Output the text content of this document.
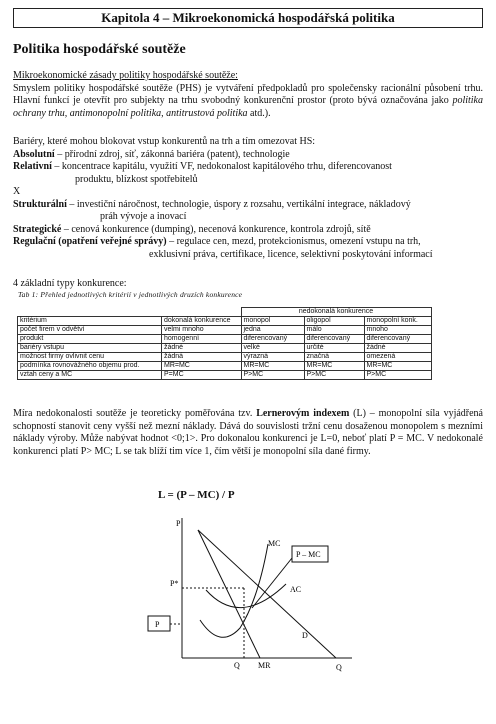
Kapitola 4 – Mikroekonomická hospodářská politika
Politika hospodářské soutěže
Mikroekonomické zásady politiky hospodářské soutěže:
Smyslem politiky hospodářské soutěže (PHS) je vytváření předpokladů pro společensky racionální působení trhu. Hlavní funkcí je otevřít pro subjekty na trhu svobodný konkurenční prostor (proto bývá označována jako politika ochrany trhu, antimonopolní politika, antitrustová politika atd.).
Bariéry, které mohou blokovat vstup konkurentů na trh a tím omezovat HS:
Absolutní – přírodní zdroj, síť, zákonná bariéra (patent), technologie
Relativní – koncentrace kapitálu, využití VF, nedokonalost kapitálového trhu, diferencovanost
produktu, blízkost spotřebitelů
X
Strukturální – investiční náročnost, technologie, úspory z rozsahu, vertikální integrace, nákladový
práh vývoje a inovací
Strategické – cenová konkurence (dumping), necenová konkurence, kontrola zdrojů, sítě
Regulační (opatření veřejné správy) – regulace cen, mezd, protekcionismus, omezení vstupu na trh,
exklusivní práva, certifikace, licence, selektivní poskytování informací
4 základní typy konkurence:
Tab 1: Přehled jednotlivých kritérií v jednotlivých druzích konkurence
		nedokonalá konkurence		
kritérium	dokonalá konkurence	monopol	oligopol	monopolní konk.
počet firem v odvětví	velmi mnoho	jedna	málo	mnoho
produkt	homogenní	diferencovaný	diferencovaný	diferencovaný
bariéry vstupu	žádné	velké	určité	žádné
možnost firmy ovlivnit cenu	žádná	výrazná	značná	omezená
podmínka rovnovážného objemu prod.	MR=MC	MR=MC	MR=MC	MR=MC
vztah ceny a MC	P=MC	P>MC	P>MC	P>MC
Míra nedokonalosti soutěže je teoreticky poměřována tzv. Lernerovým indexem (L) – monopolní síla vyjádřená schopností stanovit ceny vyšší než mezní náklady. Dává do souvislosti tržní cenu dosaženou monopolem s mezními náklady výroby. Může nabývat hodnot <0;1>. Pro dokonalou konkurenci je L=0, neboť platí P = MC. V nedokonalé konkurenci platí P> MC; L se tak blíží tim více 1, čím větší je monopolní síla dané firmy.
L = (P – MC) / P
P
Q
P*
Q
D
MR
MC
AC
P
P – MC
